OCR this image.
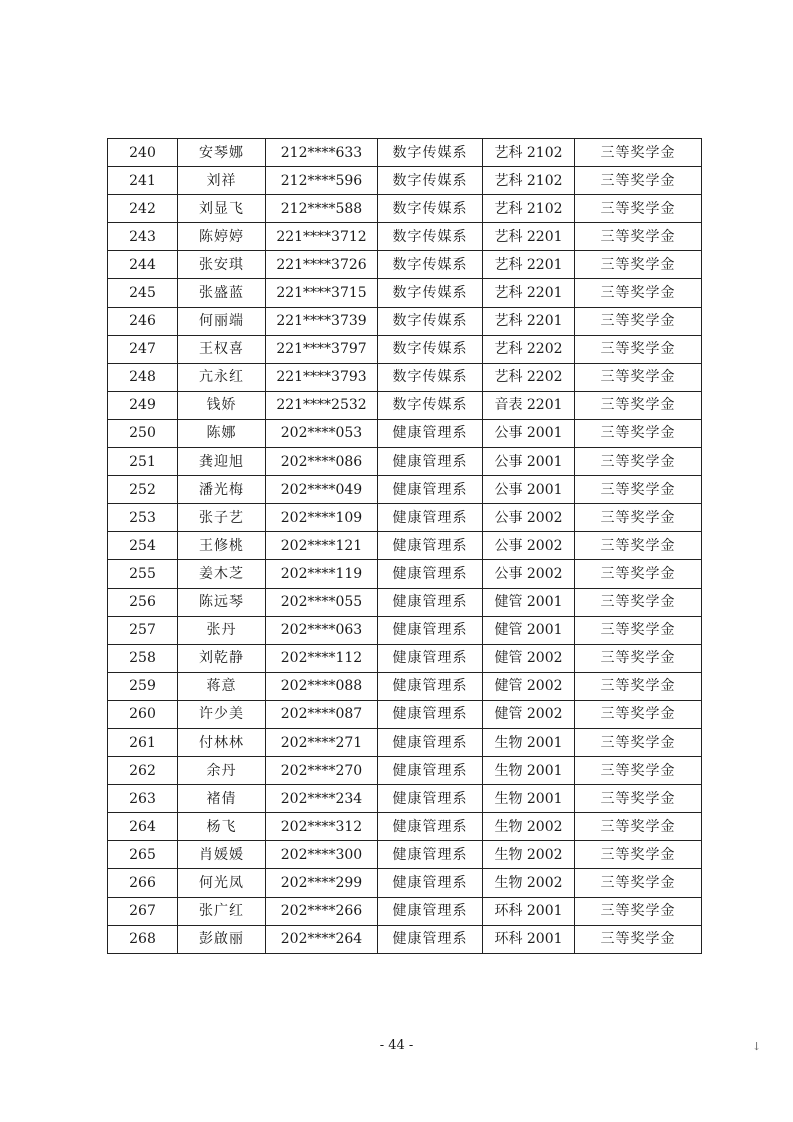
240	安琴娜	212****633	数字传媒系	艺科 2102	三等奖学金
241	刘祥	212****596	数字传媒系	艺科 2102	三等奖学金
242	刘显飞	212****588	数字传媒系	艺科 2102	三等奖学金
243	陈婷婷	221****3712	数字传媒系	艺科 2201	三等奖学金
244	张安琪	221****3726	数字传媒系	艺科 2201	三等奖学金
245	张盛蓝	221****3715	数字传媒系	艺科 2201	三等奖学金
246	何丽端	221****3739	数字传媒系	艺科 2201	三等奖学金
247	王权喜	221****3797	数字传媒系	艺科 2202	三等奖学金
248	亢永红	221****3793	数字传媒系	艺科 2202	三等奖学金
249	钱娇	221****2532	数字传媒系	音表 2201	三等奖学金
250	陈娜	202****053	健康管理系	公事 2001	三等奖学金
251	龚迎旭	202****086	健康管理系	公事 2001	三等奖学金
252	潘光梅	202****049	健康管理系	公事 2001	三等奖学金
253	张子艺	202****109	健康管理系	公事 2002	三等奖学金
254	王修桃	202****121	健康管理系	公事 2002	三等奖学金
255	姜木芝	202****119	健康管理系	公事 2002	三等奖学金
256	陈远琴	202****055	健康管理系	健管 2001	三等奖学金
257	张丹	202****063	健康管理系	健管 2001	三等奖学金
258	刘乾静	202****112	健康管理系	健管 2002	三等奖学金
259	蒋意	202****088	健康管理系	健管 2002	三等奖学金
260	许少美	202****087	健康管理系	健管 2002	三等奖学金
261	付林林	202****271	健康管理系	生物 2001	三等奖学金
262	余丹	202****270	健康管理系	生物 2001	三等奖学金
263	褚倩	202****234	健康管理系	生物 2001	三等奖学金
264	杨飞	202****312	健康管理系	生物 2002	三等奖学金
265	肖媛媛	202****300	健康管理系	生物 2002	三等奖学金
266	何光凤	202****299	健康管理系	生物 2002	三等奖学金
267	张广红	202****266	健康管理系	环科 2001	三等奖学金
268	彭啟丽	202****264	健康管理系	环科 2001	三等奖学金
- 44 -	↓
